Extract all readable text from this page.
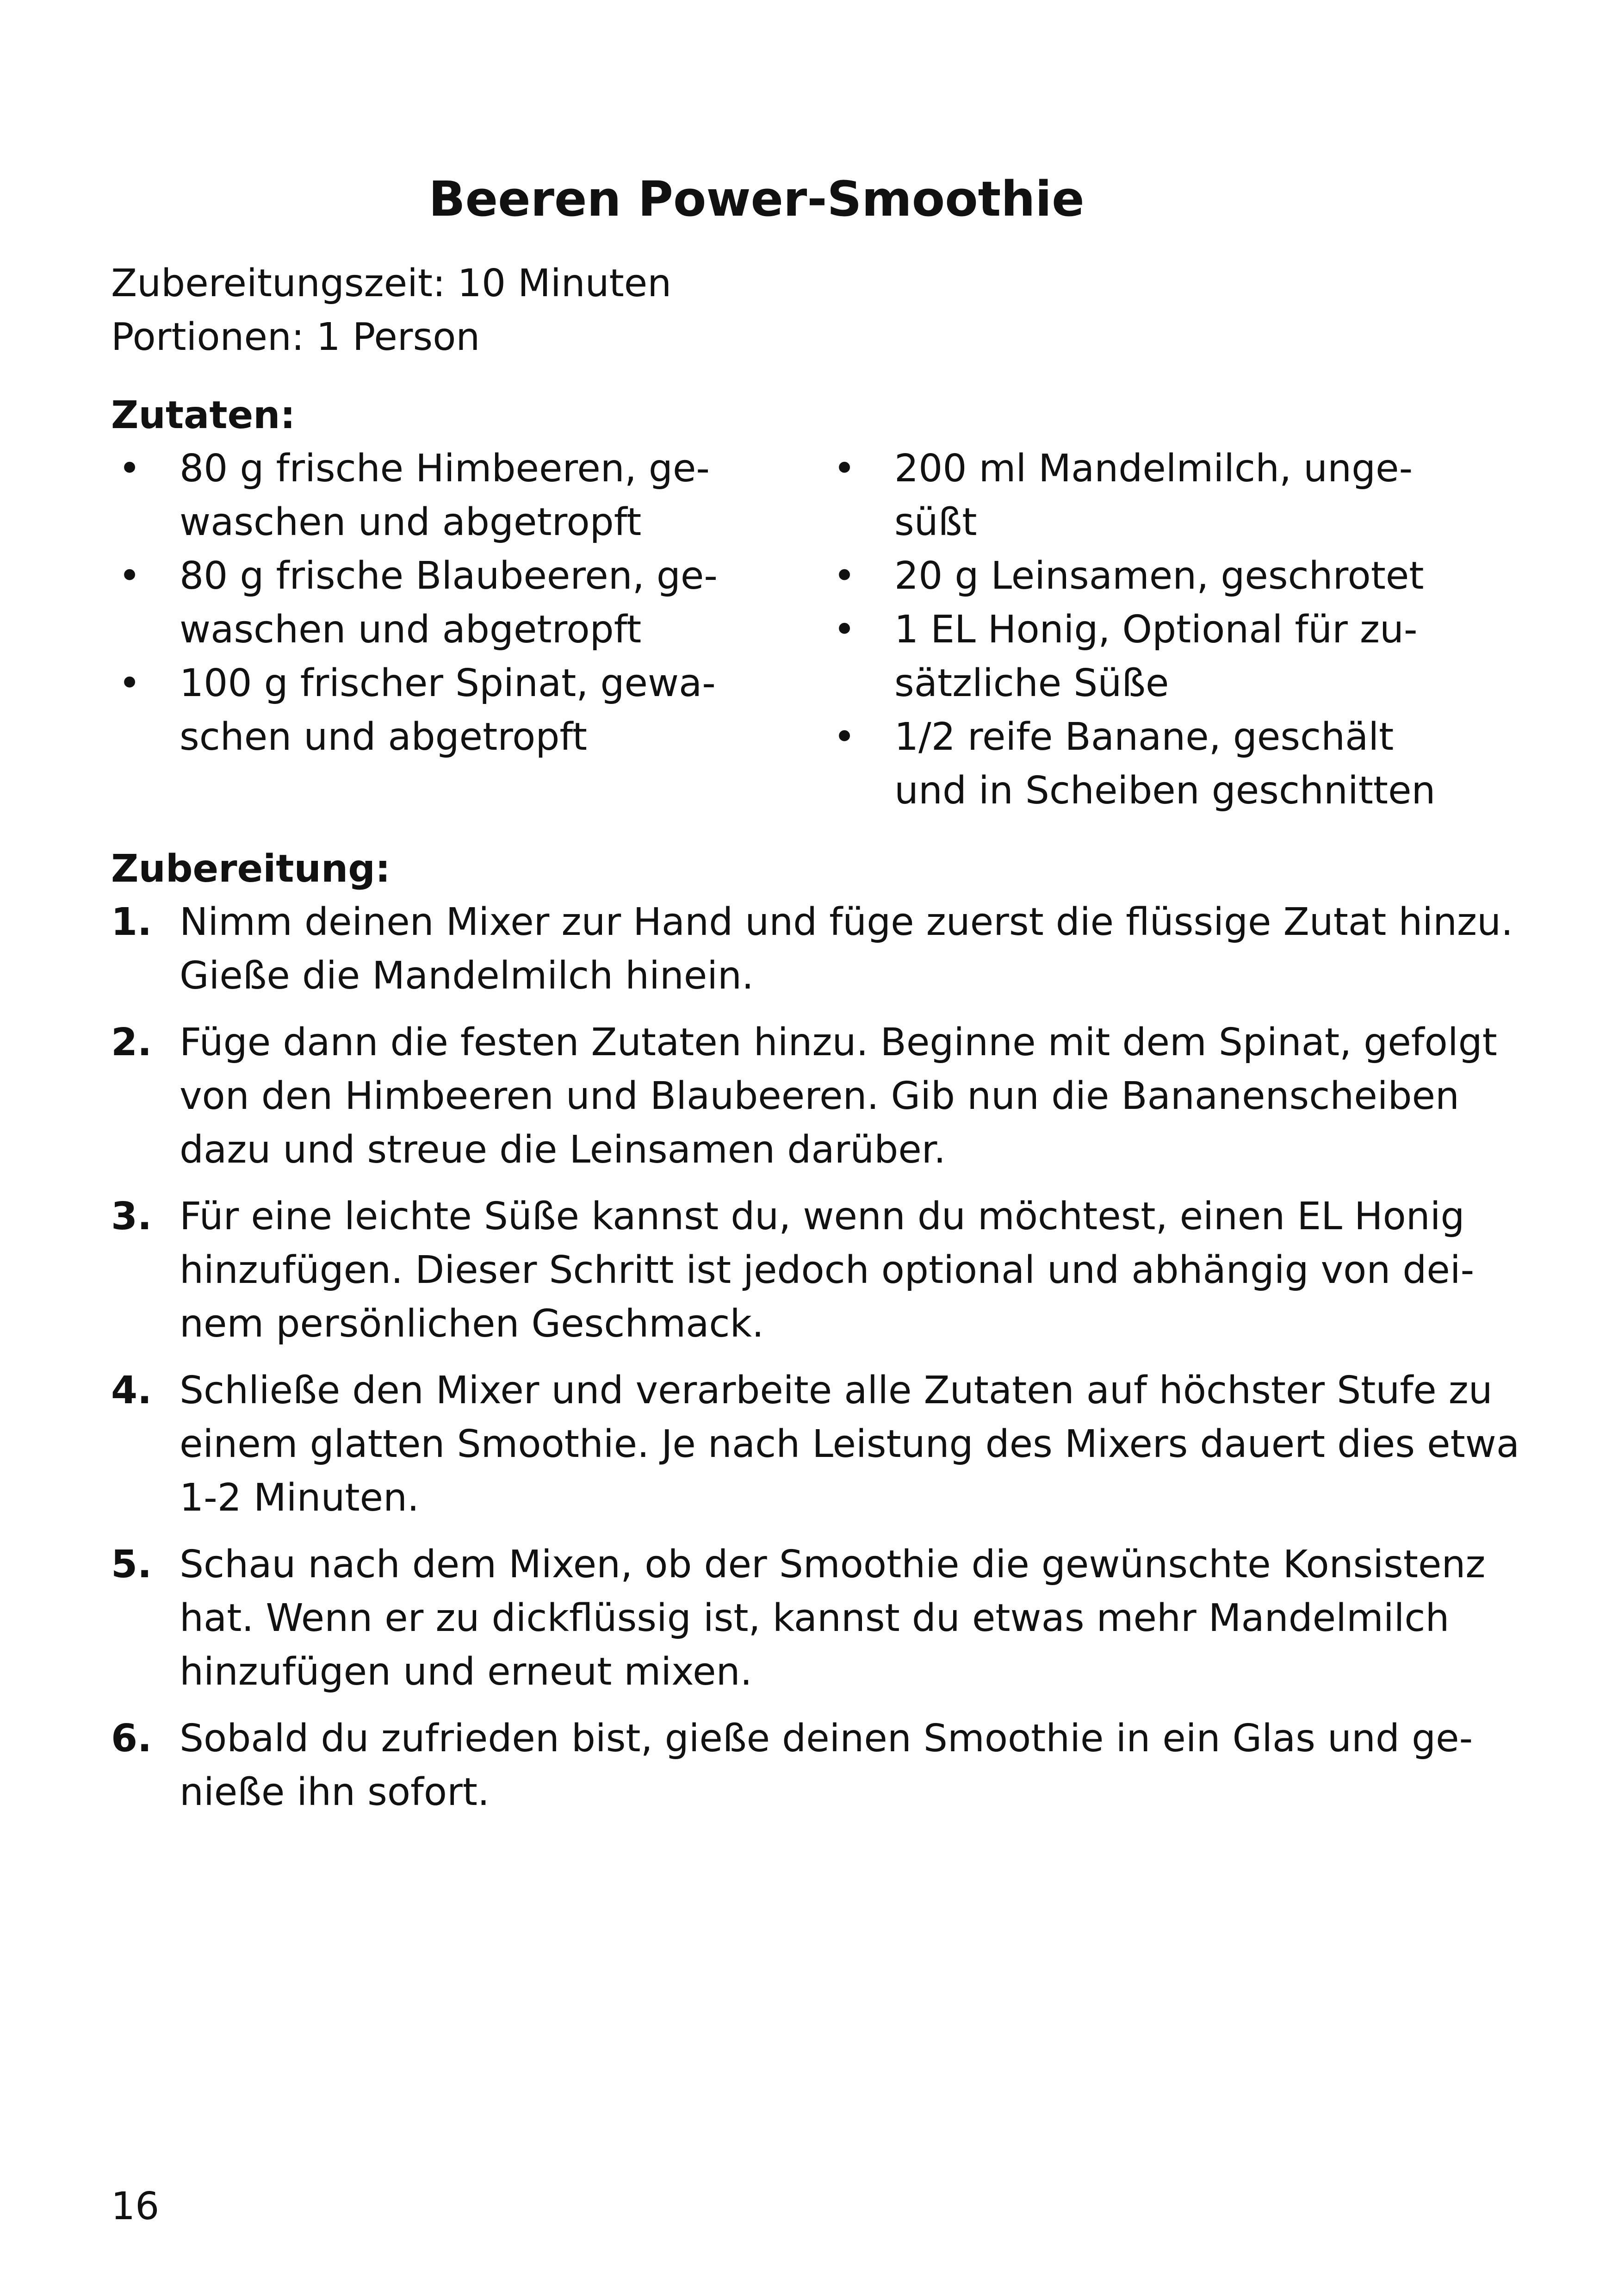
Beeren Power-Smoothie
Zubereitungszeit: 10 Minuten
Portionen: 1 Person
Zutaten:
• 80 g frische Himbeeren, ge-
waschen und abgetropft
• 80 g frische Blaubeeren, ge-
waschen und abgetropft
• 100 g frischer Spinat, gewa-
schen und abgetropft
• 200 ml Mandelmilch, unge-
süßt
• 20 g Leinsamen, geschrotet
• 1 EL Honig, Optional für zu-
sätzliche Süße
• 1/2 reife Banane, geschält
und in Scheiben geschnitten
Zubereitung:
1. Nimm deinen Mixer zur Hand und füge zuerst die flüssige Zutat hinzu.
Gieße die Mandelmilch hinein.
2. Füge dann die festen Zutaten hinzu. Beginne mit dem Spinat, gefolgt
von den Himbeeren und Blaubeeren. Gib nun die Bananenscheiben
dazu und streue die Leinsamen darüber.
3. Für eine leichte Süße kannst du, wenn du möchtest, einen EL Honig
hinzufügen. Dieser Schritt ist jedoch optional und abhängig von dei-
nem persönlichen Geschmack.
4. Schließe den Mixer und verarbeite alle Zutaten auf höchster Stufe zu
einem glatten Smoothie. Je nach Leistung des Mixers dauert dies etwa
1-2 Minuten.
5. Schau nach dem Mixen, ob der Smoothie die gewünschte Konsistenz
hat. Wenn er zu dickflüssig ist, kannst du etwas mehr Mandelmilch
hinzufügen und erneut mixen.
6. Sobald du zufrieden bist, gieße deinen Smoothie in ein Glas und ge-
nieße ihn sofort.
16
